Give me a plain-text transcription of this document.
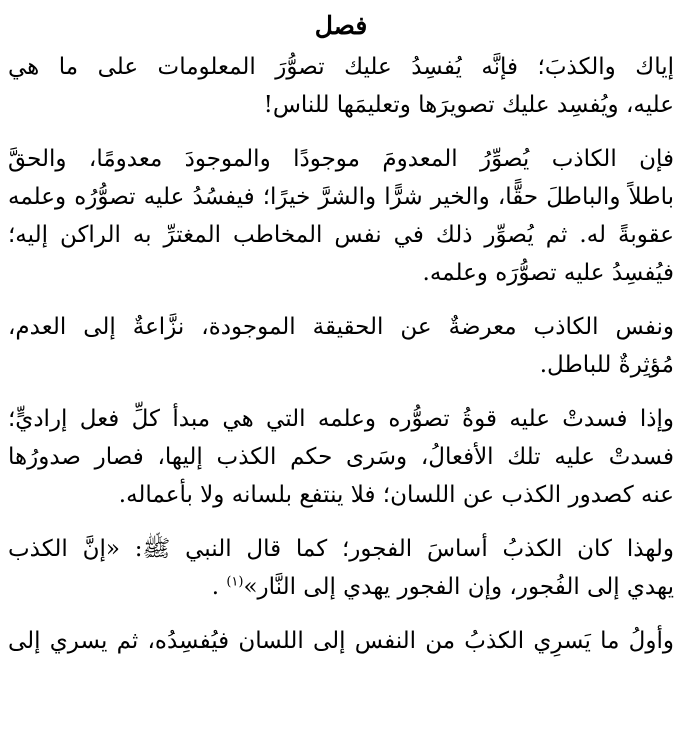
فصل

إياك والكذبَ؛ فإنَّه يُفسِدُ عليك تصوُّرَ المعلومات على ما هي
عليه، ويُفسِد عليك تصويرَها وتعليمَها للناس!

فإن الكاذب يُصوِّرُ المعدومَ موجودًا والموجودَ معدومًا، والحقَّ
باطلاً والباطلَ حقًّا، والخير شرًّا والشرَّ خيرًا؛ فيفسُدُ عليه تصوُّرُه وعلمه
عقوبةً له. ثم يُصوِّر ذلك في نفس المخاطب المغترِّ به الراكن إليه؛
فيُفسِدُ عليه تصوُّرَه وعلمه.

ونفس الكاذب معرضةٌ عن الحقيقة الموجودة، نزَّاعةٌ إلى العدم،
مُؤثِرةٌ للباطل.

وإذا فسدتْ عليه قوةُ تصوُّره وعلمه التي هي مبدأ كلِّ فعل إراديٍّ؛
فسدتْ عليه تلك الأفعالُ، وسَرى حكم الكذب إليها، فصار صدورُها
عنه كصدور الكذب عن اللسان؛ فلا ينتفع بلسانه ولا بأعماله.

ولهذا كان الكذبُ أساسَ الفجور؛ كما قال النبي ﷺ: «إنَّ الكذب
يهدي إلى الفُجور، وإن الفجور يهدي إلى النَّار»$^{(١)}$ .

وأولُ ما يَسرِي الكذبُ من النفس إلى اللسان فيُفسِدُه، ثم يسري إلى
